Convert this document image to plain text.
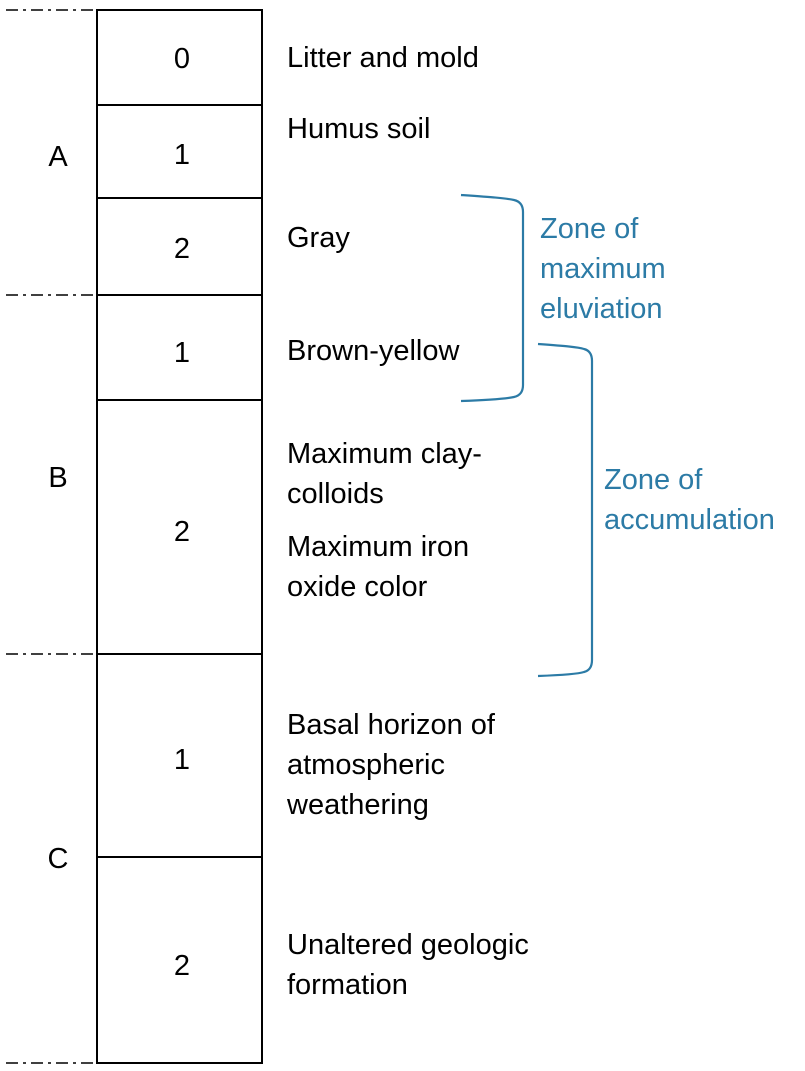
A
B
C
0
1
2
1
2
1
2
Litter and mold
Humus soil
Gray
Brown-yellow
Maximum clay- colloids
Maximum iron oxide color
Basal horizon of atmospheric weathering
Unaltered geologic formation
Zone of maximum eluviation
Zone of accumulation
